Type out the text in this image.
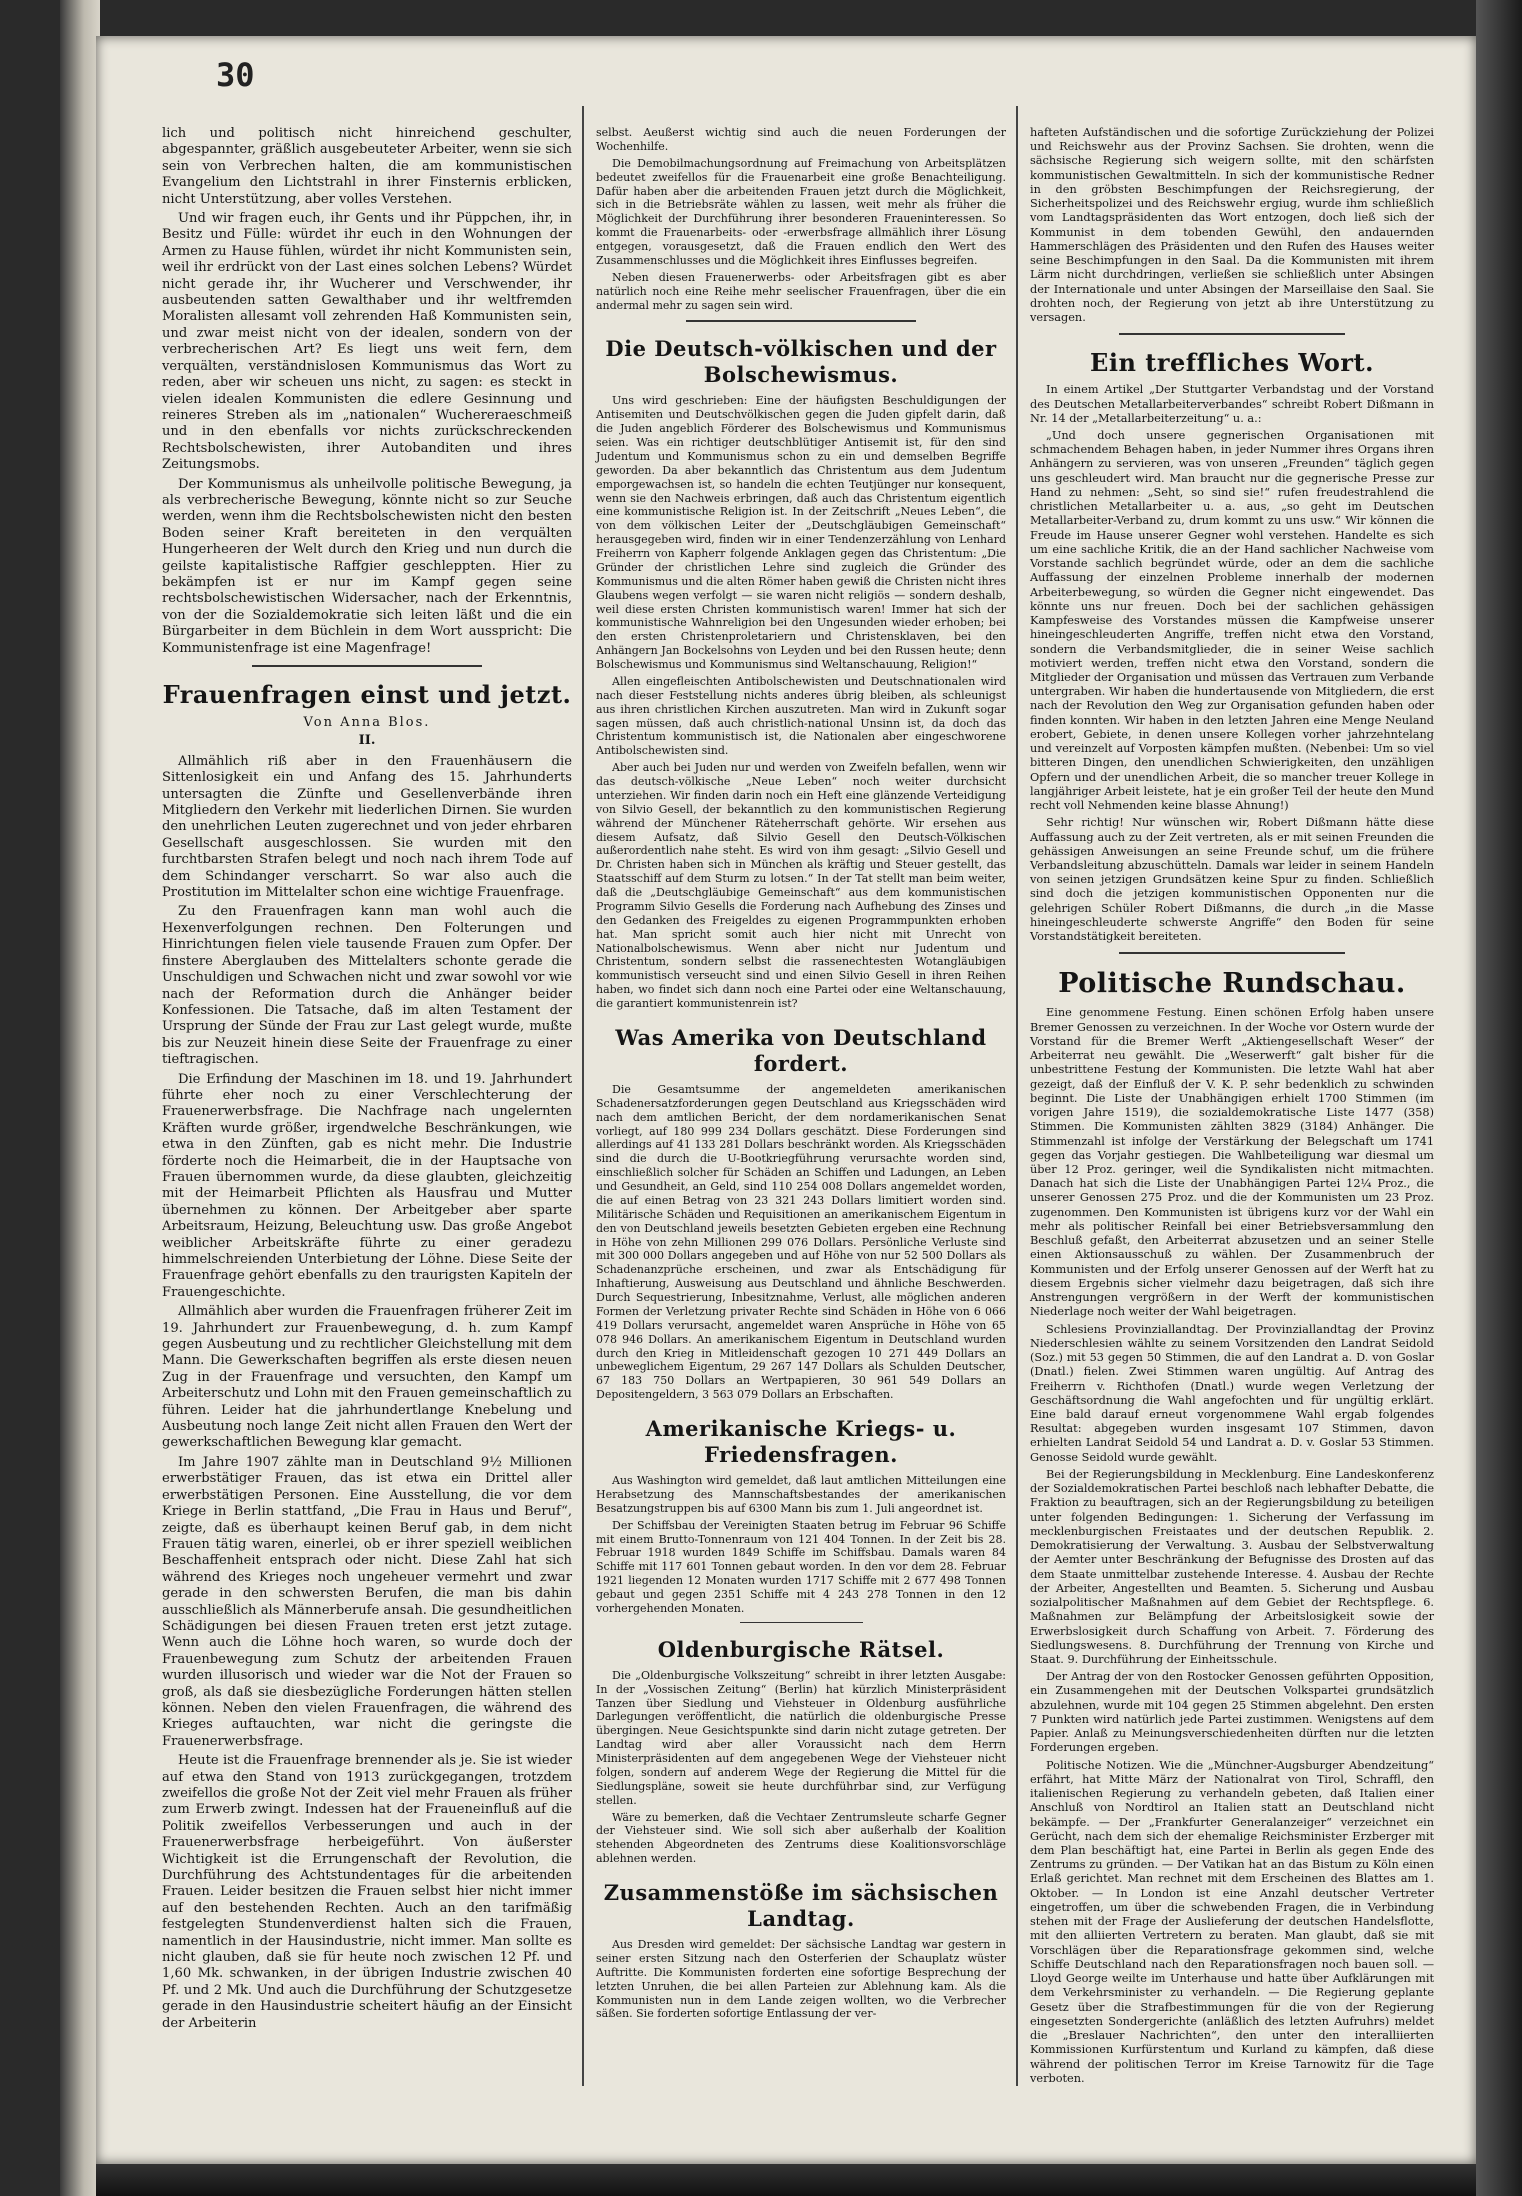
30

lich und politisch nicht hinreichend geschulter, abgespannter, gräßlich ausgebeuteter Arbeiter, wenn sie sich sein von Verbrechen halten, die am kommunistischen Evangelium den Lichtstrahl in ihrer Finsternis erblicken, nicht Unterstützung, aber volles Verstehen.

Und wir fragen euch, ihr Gents und ihr Püppchen, ihr, in Besitz und Fülle: würdet ihr euch in den Wohnungen der Armen zu Hause fühlen, würdet ihr nicht Kommunisten sein, weil ihr erdrückt von der Last eines solchen Lebens? Würdet nicht gerade ihr, ihr Wucherer und Verschwender, ihr ausbeutenden satten Gewalthaber und ihr weltfremden Moralisten allesamt voll zehrenden Haß Kommunisten sein, und zwar meist nicht von der idealen, sondern von der verbrecherischen Art? Es liegt uns weit fern, dem verquälten, verständnislosen Kommunismus das Wort zu reden, aber wir scheuen uns nicht, zu sagen: es steckt in vielen idealen Kommunisten die edlere Gesinnung und reineres Streben als im „nationalen“ Wuchereraeschmeiß und in den ebenfalls vor nichts zurückschreckenden Rechtsbolschewisten, ihrer Autobanditen und ihres Zeitungsmobs.

Der Kommunismus als unheilvolle politische Bewegung, ja als verbrecherische Bewegung, könnte nicht so zur Seuche werden, wenn ihm die Rechtsbolschewisten nicht den besten Boden seiner Kraft bereiteten in den verquälten Hungerheeren der Welt durch den Krieg und nun durch die geilste kapitalistische Raffgier geschleppten. Hier zu bekämpfen ist er nur im Kampf gegen seine rechtsbolschewistischen Widersacher, nach der Erkenntnis, von der die Sozialdemokratie sich leiten läßt und die ein Bürgarbeiter in dem Büchlein in dem Wort ausspricht: Die Kommunistenfrage ist eine Magenfrage!

Frauenfragen einst und jetzt.
Von Anna Blos.
II.

Allmählich riß aber in den Frauenhäusern die Sittenlosigkeit ein und Anfang des 15. Jahrhunderts untersagten die Zünfte und Gesellenverbände ihren Mitgliedern den Verkehr mit liederlichen Dirnen. Sie wurden den unehrlichen Leuten zugerechnet und von jeder ehrbaren Gesellschaft ausgeschlossen. Sie wurden mit den furchtbarsten Strafen belegt und noch nach ihrem Tode auf dem Schindanger verscharrt. So war also auch die Prostitution im Mittelalter schon eine wichtige Frauenfrage.

Zu den Frauenfragen kann man wohl auch die Hexenverfolgungen rechnen. Den Folterungen und Hinrichtungen fielen viele tausende Frauen zum Opfer. Der finstere Aberglauben des Mittelalters schonte gerade die Unschuldigen und Schwachen nicht und zwar sowohl vor wie nach der Reformation durch die Anhänger beider Konfessionen. Die Tatsache, daß im alten Testament der Ursprung der Sünde der Frau zur Last gelegt wurde, mußte bis zur Neuzeit hinein diese Seite der Frauenfrage zu einer tieftragischen.

Die Erfindung der Maschinen im 18. und 19. Jahrhundert führte eher noch zu einer Verschlechterung der Frauenerwerbsfrage. Die Nachfrage nach ungelernten Kräften wurde größer, irgendwelche Beschränkungen, wie etwa in den Zünften, gab es nicht mehr. Die Industrie förderte noch die Heimarbeit, die in der Hauptsache von Frauen übernommen wurde, da diese glaubten, gleichzeitig mit der Heimarbeit Pflichten als Hausfrau und Mutter übernehmen zu können. Der Arbeitgeber aber sparte Arbeitsraum, Heizung, Beleuchtung usw. Das große Angebot weiblicher Arbeitskräfte führte zu einer geradezu himmelschreienden Unterbietung der Löhne. Diese Seite der Frauenfrage gehört ebenfalls zu den traurigsten Kapiteln der Frauengeschichte.

Allmählich aber wurden die Frauenfragen früherer Zeit im 19. Jahrhundert zur Frauenbewegung, d. h. zum Kampf gegen Ausbeutung und zu rechtlicher Gleichstellung mit dem Mann. Die Gewerkschaften begriffen als erste diesen neuen Zug in der Frauenfrage und versuchten, den Kampf um Arbeiterschutz und Lohn mit den Frauen gemeinschaftlich zu führen. Leider hat die jahrhundertlange Knebelung und Ausbeutung noch lange Zeit nicht allen Frauen den Wert der gewerkschaftlichen Bewegung klar gemacht.

Im Jahre 1907 zählte man in Deutschland 9½ Millionen erwerbstätiger Frauen, das ist etwa ein Drittel aller erwerbstätigen Personen. Eine Ausstellung, die vor dem Kriege in Berlin stattfand, „Die Frau in Haus und Beruf“, zeigte, daß es überhaupt keinen Beruf gab, in dem nicht Frauen tätig waren, einerlei, ob er ihrer speziell weiblichen Beschaffenheit entsprach oder nicht. Diese Zahl hat sich während des Krieges noch ungeheuer vermehrt und zwar gerade in den schwersten Berufen, die man bis dahin ausschließlich als Männerberufe ansah. Die gesundheitlichen Schädigungen bei diesen Frauen treten erst jetzt zutage. Wenn auch die Löhne hoch waren, so wurde doch der Frauenbewegung zum Schutz der arbeitenden Frauen wurden illusorisch und wieder war die Not der Frauen so groß, als daß sie diesbezügliche Forderungen hätten stellen können. Neben den vielen Frauenfragen, die während des Krieges auftauchten, war nicht die geringste die Frauenerwerbsfrage.

Heute ist die Frauenfrage brennender als je. Sie ist wieder auf etwa den Stand von 1913 zurückgegangen, trotzdem zweifellos die große Not der Zeit viel mehr Frauen als früher zum Erwerb zwingt. Indessen hat der Fraueneinfluß auf die Politik zweifellos Verbesserungen und auch in der Frauenerwerbsfrage herbeigeführt. Von äußerster Wichtigkeit ist die Errungenschaft der Revolution, die Durchführung des Achtstundentages für die arbeitenden Frauen. Leider besitzen die Frauen selbst hier nicht immer auf den bestehenden Rechten. Auch an den tarifmäßig festgelegten Stundenverdienst halten sich die Frauen, namentlich in der Hausindustrie, nicht immer. Man sollte es nicht glauben, daß sie für heute noch zwischen 12 Pf. und 1,60 Mk. schwanken, in der übrigen Industrie zwischen 40 Pf. und 2 Mk. Und auch die Durchführung der Schutzgesetze gerade in den Hausindustrie scheitert häufig an der Einsicht der Arbeiterin

selbst. Aeußerst wichtig sind auch die neuen Forderungen der Wochenhilfe.

Die Demobilmachungsordnung auf Freimachung von Arbeitsplätzen bedeutet zweifellos für die Frauenarbeit eine große Benachteiligung. Dafür haben aber die arbeitenden Frauen jetzt durch die Möglichkeit, sich in die Betriebsräte wählen zu lassen, weit mehr als früher die Möglichkeit der Durchführung ihrer besonderen Fraueninteressen. So kommt die Frauenarbeits- oder -erwerbsfrage allmählich ihrer Lösung entgegen, vorausgesetzt, daß die Frauen endlich den Wert des Zusammenschlusses und die Möglichkeit ihres Einflusses begreifen.

Neben diesen Frauenerwerbs- oder Arbeitsfragen gibt es aber natürlich noch eine Reihe mehr seelischer Frauenfragen, über die ein andermal mehr zu sagen sein wird.

Die Deutsch-völkischen und der Bolschewismus.

Uns wird geschrieben: Eine der häufigsten Beschuldigungen der Antisemiten und Deutschvölkischen gegen die Juden gipfelt darin, daß die Juden angeblich Förderer des Bolschewismus und Kommunismus seien. Was ein richtiger deutschblütiger Antisemit ist, für den sind Judentum und Kommunismus schon zu ein und demselben Begriffe geworden. Da aber bekanntlich das Christentum aus dem Judentum emporgewachsen ist, so handeln die echten Teutjünger nur konsequent, wenn sie den Nachweis erbringen, daß auch das Christentum eigentlich eine kommunistische Religion ist. In der Zeitschrift „Neues Leben“, die von dem völkischen Leiter der „Deutschgläubigen Gemeinschaft“ herausgegeben wird, finden wir in einer Tendenzerzählung von Lenhard Freiherrn von Kapherr folgende Anklagen gegen das Christentum: „Die Gründer der christlichen Lehre sind zugleich die Gründer des Kommunismus und die alten Römer haben gewiß die Christen nicht ihres Glaubens wegen verfolgt — sie waren nicht religiös — sondern deshalb, weil diese ersten Christen kommunistisch waren! Immer hat sich der kommunistische Wahnreligion bei den Ungesunden wieder erhoben; bei den ersten Christenproletariern und Christensklaven, bei den Anhängern Jan Bockelsohns von Leyden und bei den Russen heute; denn Bolschewismus und Kommunismus sind Weltanschauung, Religion!“

Allen eingefleischten Antibolschewisten und Deutschnationalen wird nach dieser Feststellung nichts anderes übrig bleiben, als schleunigst aus ihren christlichen Kirchen auszutreten. Man wird in Zukunft sogar sagen müssen, daß auch christlich-national Unsinn ist, da doch das Christentum kommunistisch ist, die Nationalen aber eingeschworene Antibolschewisten sind.

Aber auch bei Juden nur und werden von Zweifeln befallen, wenn wir das deutsch-völkische „Neue Leben“ noch weiter durchsicht unterziehen. Wir finden darin noch ein Heft eine glänzende Verteidigung von Silvio Gesell, der bekanntlich zu den kommunistischen Regierung während der Münchener Räteherrschaft gehörte. Wir ersehen aus diesem Aufsatz, daß Silvio Gesell den Deutsch-Völkischen außerordentlich nahe steht. Es wird von ihm gesagt: „Silvio Gesell und Dr. Christen haben sich in München als kräftig und Steuer gestellt, das Staatsschiff auf dem Sturm zu lotsen.“ In der Tat stellt man beim weiter, daß die „Deutschgläubige Gemeinschaft“ aus dem kommunistischen Programm Silvio Gesells die Forderung nach Aufhebung des Zinses und den Gedanken des Freigeldes zu eigenen Programmpunkten erhoben hat. Man spricht somit auch hier nicht mit Unrecht von Nationalbolschewismus. Wenn aber nicht nur Judentum und Christentum, sondern selbst die rassenechtesten Wotangläubigen kommunistisch verseucht sind und einen Silvio Gesell in ihren Reihen haben, wo findet sich dann noch eine Partei oder eine Weltanschauung, die garantiert kommunistenrein ist?

Was Amerika von Deutschland fordert.

Die Gesamtsumme der angemeldeten amerikanischen Schadenersatzforderungen gegen Deutschland aus Kriegsschäden wird nach dem amtlichen Bericht, der dem nordamerikanischen Senat vorliegt, auf 180 999 234 Dollars geschätzt. Diese Forderungen sind allerdings auf 41 133 281 Dollars beschränkt worden. Als Kriegsschäden sind die durch die U-Bootkriegführung verursachte worden sind, einschließlich solcher für Schäden an Schiffen und Ladungen, an Leben und Gesundheit, an Geld, sind 110 254 008 Dollars angemeldet worden, die auf einen Betrag von 23 321 243 Dollars limitiert worden sind. Militärische Schäden und Requisitionen an amerikanischem Eigentum in den von Deutschland jeweils besetzten Gebieten ergeben eine Rechnung in Höhe von zehn Millionen 299 076 Dollars. Persönliche Verluste sind mit 300 000 Dollars angegeben und auf Höhe von nur 52 500 Dollars als Schadenanzprüche erscheinen, und zwar als Entschädigung für Inhaftierung, Ausweisung aus Deutschland und ähnliche Beschwerden. Durch Sequestrierung, Inbesitznahme, Verlust, alle möglichen anderen Formen der Verletzung privater Rechte sind Schäden in Höhe von 6 066 419 Dollars verursacht, angemeldet waren Ansprüche in Höhe von 65 078 946 Dollars. An amerikanischem Eigentum in Deutschland wurden durch den Krieg in Mitleidenschaft gezogen 10 271 449 Dollars an unbeweglichem Eigentum, 29 267 147 Dollars als Schulden Deutscher, 67 183 750 Dollars an Wertpapieren, 30 961 549 Dollars an Depositengeldern, 3 563 079 Dollars an Erbschaften.

Amerikanische Kriegs- u. Friedensfragen.

Aus Washington wird gemeldet, daß laut amtlichen Mitteilungen eine Herabsetzung des Mannschaftsbestandes der amerikanischen Besatzungstruppen bis auf 6300 Mann bis zum 1. Juli angeordnet ist.

Der Schiffsbau der Vereinigten Staaten betrug im Februar 96 Schiffe mit einem Brutto-Tonnenraum von 121 404 Tonnen. In der Zeit bis 28. Februar 1918 wurden 1849 Schiffe im Schiffsbau. Damals waren 84 Schiffe mit 117 601 Tonnen gebaut worden. In den vor dem 28. Februar 1921 liegenden 12 Monaten wurden 1717 Schiffe mit 2 677 498 Tonnen gebaut und gegen 2351 Schiffe mit 4 243 278 Tonnen in den 12 vorhergehenden Monaten.

Oldenburgische Rätsel.

Die „Oldenburgische Volkszeitung“ schreibt in ihrer letzten Ausgabe: In der „Vossischen Zeitung“ (Berlin) hat kürzlich Ministerpräsident Tanzen über Siedlung und Viehsteuer in Oldenburg ausführliche Darlegungen veröffentlicht, die natürlich die oldenburgische Presse übergingen. Neue Gesichtspunkte sind darin nicht zutage getreten. Der Landtag wird aber aller Voraussicht nach dem Herrn Ministerpräsidenten auf dem angegebenen Wege der Viehsteuer nicht folgen, sondern auf anderem Wege der Regierung die Mittel für die Siedlungspläne, soweit sie heute durchführbar sind, zur Verfügung stellen.

Wäre zu bemerken, daß die Vechtaer Zentrumsleute scharfe Gegner der Viehsteuer sind. Wie soll sich aber außerhalb der Koalition stehenden Abgeordneten des Zentrums diese Koalitionsvorschläge ablehnen werden.

Zusammenstöße im sächsischen Landtag.

Aus Dresden wird gemeldet: Der sächsische Landtag war gestern in seiner ersten Sitzung nach den Osterferien der Schauplatz wüster Auftritte. Die Kommunisten forderten eine sofortige Besprechung der letzten Unruhen, die bei allen Parteien zur Ablehnung kam. Als die Kommunisten nun in dem Lande zeigen wollten, wo die Verbrecher säßen. Sie forderten sofortige Entlassung der ver-

hafteten Aufständischen und die sofortige Zurückziehung der Polizei und Reichswehr aus der Provinz Sachsen. Sie drohten, wenn die sächsische Regierung sich weigern sollte, mit den schärfsten kommunistischen Gewaltmitteln. In sich der kommunistische Redner in den gröbsten Beschimpfungen der Reichsregierung, der Sicherheitspolizei und des Reichswehr ergiug, wurde ihm schließlich vom Landtagspräsidenten das Wort entzogen, doch ließ sich der Kommunist in dem tobenden Gewühl, den andauernden Hammerschlägen des Präsidenten und den Rufen des Hauses weiter seine Beschimpfungen in den Saal. Da die Kommunisten mit ihrem Lärm nicht durchdringen, verließen sie schließlich unter Absingen der Internationale und unter Absingen der Marseillaise den Saal. Sie drohten noch, der Regierung von jetzt ab ihre Unterstützung zu versagen.

Ein treffliches Wort.

In einem Artikel „Der Stuttgarter Verbandstag und der Vorstand des Deutschen Metallarbeiterverbandes“ schreibt Robert Dißmann in Nr. 14 der „Metallarbeiterzeitung“ u. a.:

„Und doch unsere gegnerischen Organisationen mit schmachendem Behagen haben, in jeder Nummer ihres Organs ihren Anhängern zu servieren, was von unseren „Freunden“ täglich gegen uns geschleudert wird. Man braucht nur die gegnerische Presse zur Hand zu nehmen: „Seht, so sind sie!“ rufen freudestrahlend die christlichen Metallarbeiter u. a. aus, „so geht im Deutschen Metallarbeiter-Verband zu, drum kommt zu uns usw.“ Wir können die Freude im Hause unserer Gegner wohl verstehen. Handelte es sich um eine sachliche Kritik, die an der Hand sachlicher Nachweise vom Vorstande sachlich begründet würde, oder an dem die sachliche Auffassung der einzelnen Probleme innerhalb der modernen Arbeiterbewegung, so würden die Gegner nicht eingewendet. Das könnte uns nur freuen. Doch bei der sachlichen gehässigen Kampfesweise des Vorstandes müssen die Kampfweise unserer hineingeschleuderten Angriffe, treffen nicht etwa den Vorstand, sondern die Verbandsmitglieder, die in seiner Weise sachlich motiviert werden, treffen nicht etwa den Vorstand, sondern die Mitglieder der Organisation und müssen das Vertrauen zum Verbande untergraben. Wir haben die hundertausende von Mitgliedern, die erst nach der Revolution den Weg zur Organisation gefunden haben oder finden konnten. Wir haben in den letzten Jahren eine Menge Neuland erobert, Gebiete, in denen unsere Kollegen vorher jahrzehntelang und vereinzelt auf Vorposten kämpfen mußten. (Nebenbei: Um so viel bitteren Dingen, den unendlichen Schwierigkeiten, den unzähligen Opfern und der unendlichen Arbeit, die so mancher treuer Kollege in langjähriger Arbeit leistete, hat je ein großer Teil der heute den Mund recht voll Nehmenden keine blasse Ahnung!)

Sehr richtig! Nur wünschen wir, Robert Dißmann hätte diese Auffassung auch zu der Zeit vertreten, als er mit seinen Freunden die gehässigen Anweisungen an seine Freunde schuf, um die frühere Verbandsleitung abzuschütteln. Damals war leider in seinem Handeln von seinen jetzigen Grundsätzen keine Spur zu finden. Schließlich sind doch die jetzigen kommunistischen Opponenten nur die gelehrigen Schüler Robert Dißmanns, die durch „in die Masse hineingeschleuderte schwerste Angriffe“ den Boden für seine Vorstandstätigkeit bereiteten.

Politische Rundschau.

Eine genommene Festung. Einen schönen Erfolg haben unsere Bremer Genossen zu verzeichnen. In der Woche vor Ostern wurde der Vorstand für die Bremer Werft „Aktiengesellschaft Weser“ der Arbeiterrat neu gewählt. Die „Weserwerft“ galt bisher für die unbestrittene Festung der Kommunisten. Die letzte Wahl hat aber gezeigt, daß der Einfluß der V. K. P. sehr bedenklich zu schwinden beginnt. Die Liste der Unabhängigen erhielt 1700 Stimmen (im vorigen Jahre 1519), die sozialdemokratische Liste 1477 (358) Stimmen. Die Kommunisten zählten 3829 (3184) Anhänger. Die Stimmenzahl ist infolge der Verstärkung der Belegschaft um 1741 gegen das Vorjahr gestiegen. Die Wahlbeteiligung war diesmal um über 12 Proz. geringer, weil die Syndikalisten nicht mitmachten. Danach hat sich die Liste der Unabhängigen Partei 12¼ Proz., die unserer Genossen 275 Proz. und die der Kommunisten um 23 Proz. zugenommen. Den Kommunisten ist übrigens kurz vor der Wahl ein mehr als politischer Reinfall bei einer Betriebsversammlung den Beschluß gefaßt, den Arbeiterrat abzusetzen und an seiner Stelle einen Aktionsausschuß zu wählen. Der Zusammenbruch der Kommunisten und der Erfolg unserer Genossen auf der Werft hat zu diesem Ergebnis sicher vielmehr dazu beigetragen, daß sich ihre Anstrengungen vergrößern in der Werft der kommunistischen Niederlage noch weiter der Wahl beigetragen.

Schlesiens Provinziallandtag. Der Provinziallandtag der Provinz Niederschlesien wählte zu seinem Vorsitzenden den Landrat Seidold (Soz.) mit 53 gegen 50 Stimmen, die auf den Landrat a. D. von Goslar (Dnatl.) fielen. Zwei Stimmen waren ungültig. Auf Antrag des Freiherrn v. Richthofen (Dnatl.) wurde wegen Verletzung der Geschäftsordnung die Wahl angefochten und für ungültig erklärt. Eine bald darauf erneut vorgenommene Wahl ergab folgendes Resultat: abgegeben wurden insgesamt 107 Stimmen, davon erhielten Landrat Seidold 54 und Landrat a. D. v. Goslar 53 Stimmen. Genosse Seidold wurde gewählt.

Bei der Regierungsbildung in Mecklenburg. Eine Landeskonferenz der Sozialdemokratischen Partei beschloß nach lebhafter Debatte, die Fraktion zu beauftragen, sich an der Regierungsbildung zu beteiligen unter folgenden Bedingungen: 1. Sicherung der Verfassung im mecklenburgischen Freistaates und der deutschen Republik. 2. Demokratisierung der Verwaltung. 3. Ausbau der Selbstverwaltung der Aemter unter Beschränkung der Befugnisse des Drosten auf das dem Staate unmittelbar zustehende Interesse. 4. Ausbau der Rechte der Arbeiter, Angestellten und Beamten. 5. Sicherung und Ausbau sozialpolitischer Maßnahmen auf dem Gebiet der Rechtspflege. 6. Maßnahmen zur Belämpfung der Arbeitslosigkeit sowie der Erwerbslosigkeit durch Schaffung von Arbeit. 7. Förderung des Siedlungswesens. 8. Durchführung der Trennung von Kirche und Staat. 9. Durchführung der Einheitsschule.

Der Antrag der von den Rostocker Genossen geführten Opposition, ein Zusammengehen mit der Deutschen Volkspartei grundsätzlich abzulehnen, wurde mit 104 gegen 25 Stimmen abgelehnt. Den ersten 7 Punkten wird natürlich jede Partei zustimmen. Wenigstens auf dem Papier. Anlaß zu Meinungsverschiedenheiten dürften nur die letzten Forderungen ergeben.

Politische Notizen. Wie die „Münchner-Augsburger Abendzeitung“ erfährt, hat Mitte März der Nationalrat von Tirol, Schraffl, den italienischen Regierung zu verhandeln gebeten, daß Italien einer Anschluß von Nordtirol an Italien statt an Deutschland nicht bekämpfe. — Der „Frankfurter Generalanzeiger“ verzeichnet ein Gerücht, nach dem sich der ehemalige Reichsminister Erzberger mit dem Plan beschäftigt hat, eine Partei in Berlin als gegen Ende des Zentrums zu gründen. — Der Vatikan hat an das Bistum zu Köln einen Erlaß gerichtet. Man rechnet mit dem Erscheinen des Blattes am 1. Oktober. — In London ist eine Anzahl deutscher Vertreter eingetroffen, um über die schwebenden Fragen, die in Verbindung stehen mit der Frage der Auslieferung der deutschen Handelsflotte, mit den alliierten Vertretern zu beraten. Man glaubt, daß sie mit Vorschlägen über die Reparationsfrage gekommen sind, welche Schiffe Deutschland nach den Reparationsfragen noch bauen soll. — Lloyd George weilte im Unterhause und hatte über Aufklärungen mit dem Verkehrsminister zu verhandeln. — Die Regierung geplante Gesetz über die Strafbestimmungen für die von der Regierung eingesetzten Sondergerichte (anläßlich des letzten Aufruhrs) meldet die „Breslauer Nachrichten“, den unter den interalliierten Kommissionen Kurfürstentum und Kurland zu kämpfen, daß diese während der politischen Terror im Kreise Tarnowitz für die Tage verboten.
